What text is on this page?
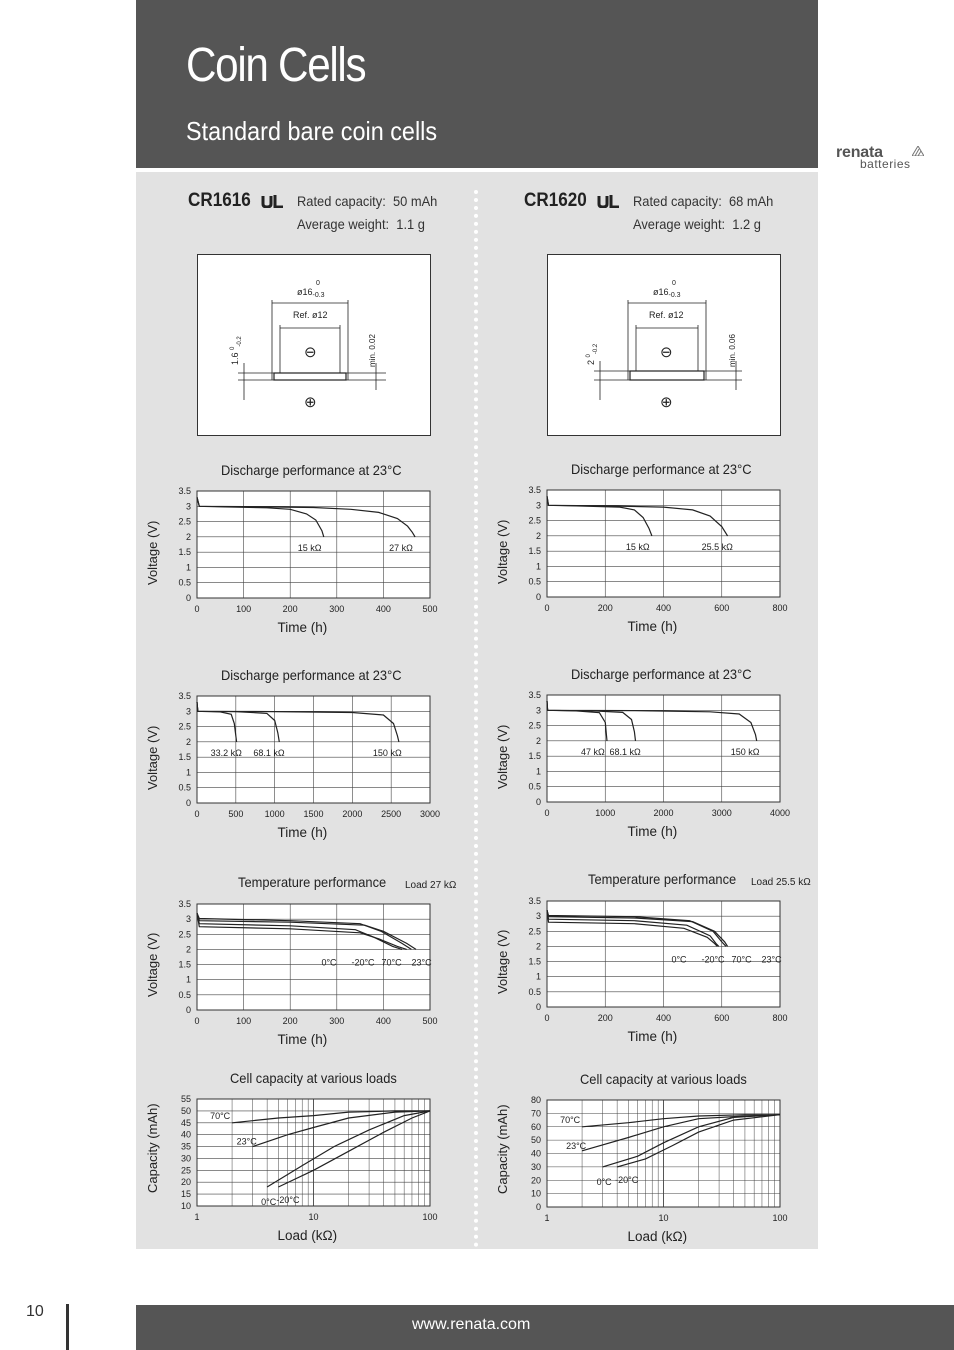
Coin Cells
Standard bare coin cells
renata
batteries
CR1616	Rated capacity: 50 mAh
Average weight: 1.1 g
$ø16_{-0.3}$
0
Ref. ø12
⊖
⊕
1.6 $^0_{-0.2}$	min. 0.02
CR1620	Rated capacity: 68 mAh
Average weight: 1.2 g
$ø16_{-0.3}$
0
Ref. ø12
⊖
⊕
2 $^0_{-0.2}$	min. 0.06
Discharge performance at 23°C
Voltage (V)
Time (h)
0
0.5
1
1.5
2
2.5
3
3.5
0	100	200	300	400	500
15 kΩ	27 kΩ
Discharge performance at 23°C
Voltage (V)
Time (h)
0
0.5
1
1.5
2
2.5
3
3.5
0	200	400	600	800
15 kΩ	25.5 kΩ
Discharge performance at 23°C
Voltage (V)
Time (h)
0
0.5
1
1.5
2
2.5
3
3.5
0	500 1000 1500 2000 2500 3000
33.2 kΩ 68.1 kΩ	150 kΩ
Discharge performance at 23°C
Voltage (V)
Time (h)
0
0.5
1
1.5
2
2.5
3
3.5
0	1000	2000	3000	4000
47 kΩ 68.1 kΩ	150 kΩ
Temperature performance Load 27 kΩ
Voltage (V)
Time (h)
0
0.5
1
1.5
2
2.5
3
3.5
0	100	200	300	400	500
0°C -20°C 70°C 23°C
Temperature performance Load 25.5 kΩ
Voltage (V)
Time (h)
0
0.5
1
1.5
2
2.5
3
3.5
0	200	400	600	800
0°C -20°C 70°C 23°C
Cell capacity at various loads
Capacity (mAh)
Load (kΩ)
10
15
20
25
30
35
40
45
50
55
1	10	100
70°C
23°C
0°C -20°C
Cell capacity at various loads
Capacity (mAh)
Load (kΩ)
0
10
20
30
40
50
60
70
80
1	10	100
70°C
23°C
0°C -20°C
10
www.renata.com
